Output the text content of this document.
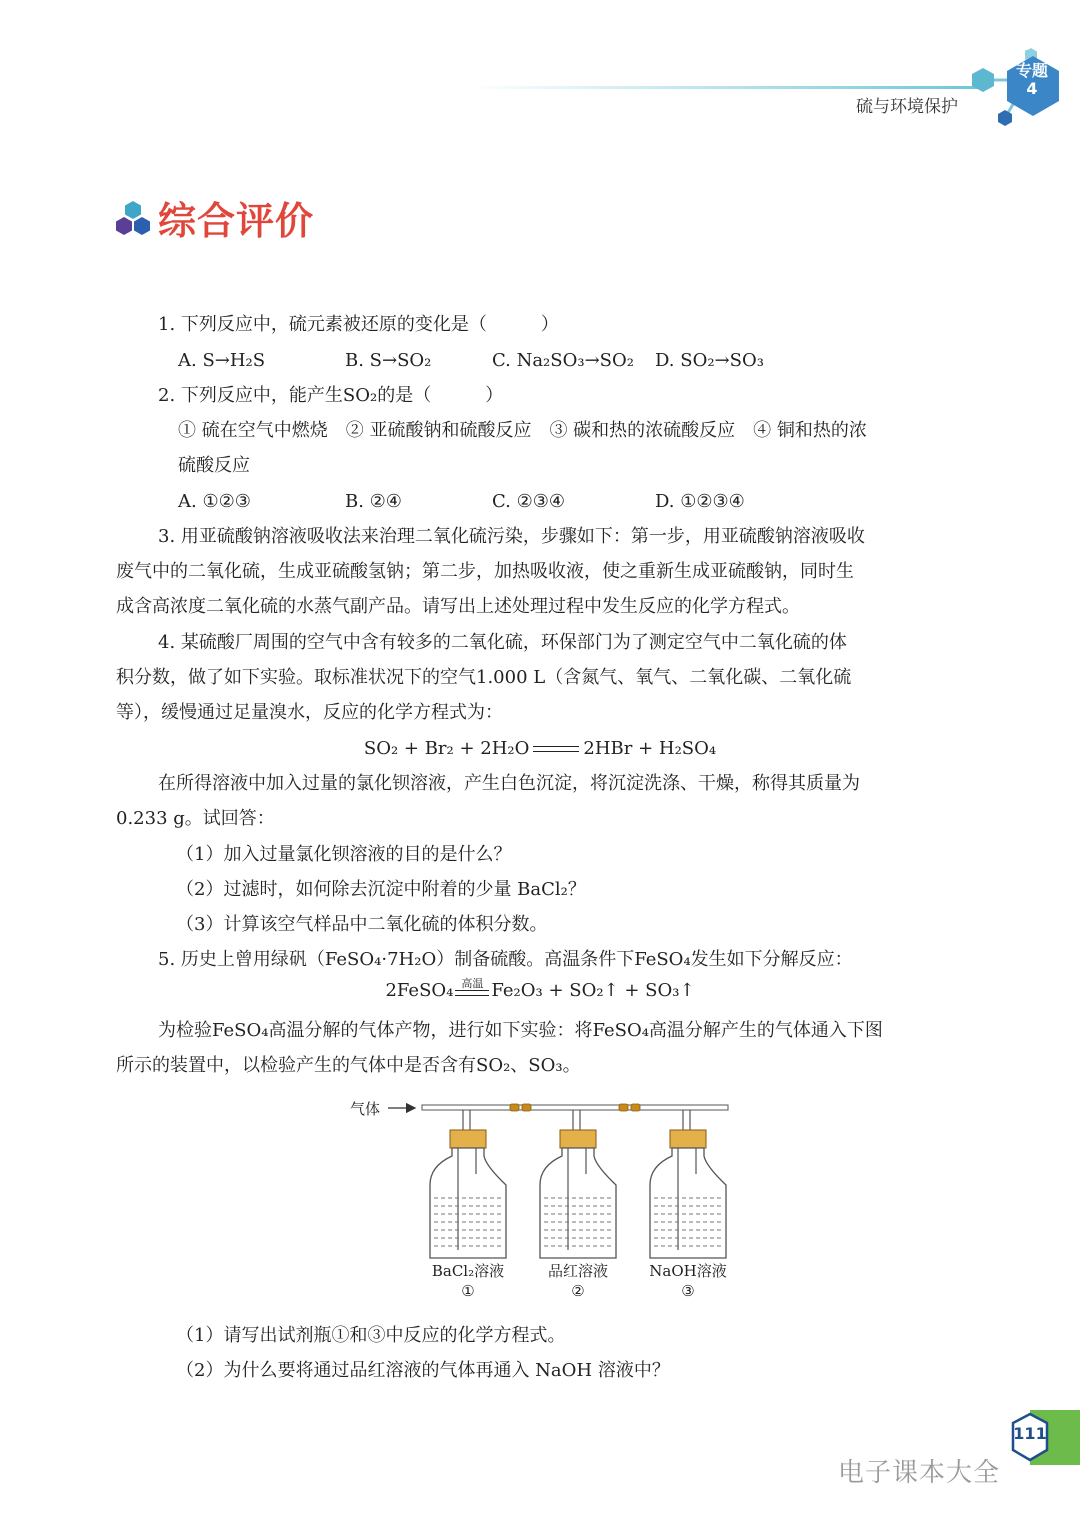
硫与环境保护
专题
4
综合评价
1. 下列反应中，硫元素被还原的变化是（　　　）
A. S→H₂S	B. S→SO₂	C. Na₂SO₃→SO₂ D. SO₂→SO₃
2. 下列反应中，能产生SO₂的是（　　　）
① 硫在空气中燃烧　② 亚硫酸钠和硫酸反应　③ 碳和热的浓硫酸反应　④ 铜和热的浓
硫酸反应
A. ①②③	B. ②④	C. ②③④	D. ①②③④
3. 用亚硫酸钠溶液吸收法来治理二氧化硫污染，步骤如下：第一步，用亚硫酸钠溶液吸收
废气中的二氧化硫，生成亚硫酸氢钠；第二步，加热吸收液，使之重新生成亚硫酸钠，同时生
成含高浓度二氧化硫的水蒸气副产品。请写出上述处理过程中发生反应的化学方程式。
4. 某硫酸厂周围的空气中含有较多的二氧化硫，环保部门为了测定空气中二氧化硫的体
积分数，做了如下实验。取标准状况下的空气1.000 L（含氮气、氧气、二氧化碳、二氧化硫
等），缓慢通过足量溴水，反应的化学方程式为：
SO₂ + Br₂ + 2H₂O	2HBr + H₂SO₄
在所得溶液中加入过量的氯化钡溶液，产生白色沉淀，将沉淀洗涤、干燥，称得其质量为
0.233 g。试回答：
（1）加入过量氯化钡溶液的目的是什么？
（2）过滤时，如何除去沉淀中附着的少量 BaCl₂？
（3）计算该空气样品中二氧化硫的体积分数。
5. 历史上曾用绿矾（FeSO₄·7H₂O）制备硫酸。高温条件下FeSO₄发生如下分解反应：
2FeSO₄ 高温 Fe₂O₃ + SO₂↑ + SO₃↑
为检验FeSO₄高温分解的气体产物，进行如下实验：将FeSO₄高温分解产生的气体通入下图
所示的装置中，以检验产生的气体中是否含有SO₂、SO₃。
气体
BaCl₂溶液
①
品红溶液
②
NaOH溶液
③
（1）请写出试剂瓶①和③中反应的化学方程式。
（2）为什么要将通过品红溶液的气体再通入 NaOH 溶液中？
111
电子课本大全
